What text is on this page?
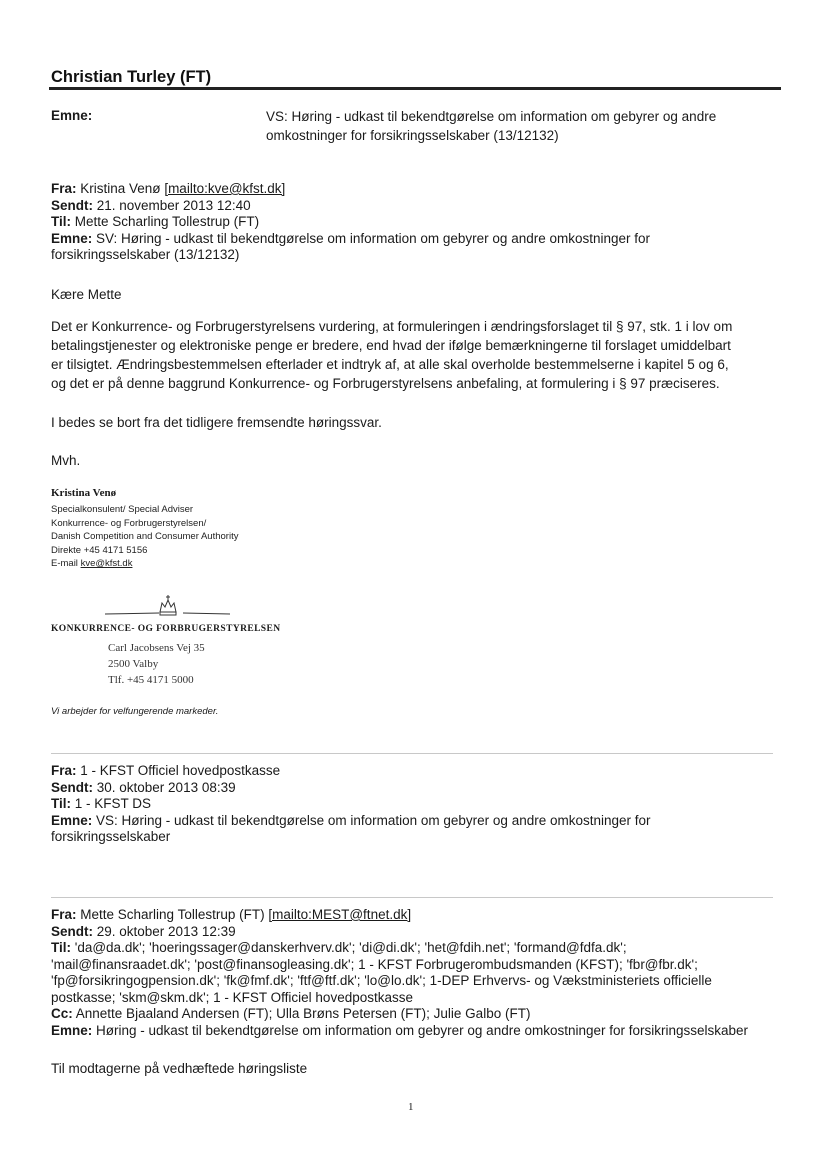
Christian Turley (FT)
Emne:	VS: Høring - udkast til bekendtgørelse om information om gebyrer og andre omkostninger for forsikringsselskaber (13/12132)
Fra: Kristina Venø [mailto:kve@kfst.dk]
Sendt: 21. november 2013 12:40
Til: Mette Scharling Tollestrup (FT)
Emne: SV: Høring - udkast til bekendtgørelse om information om gebyrer og andre omkostninger for
forsikringsselskaber (13/12132)
Kære Mette
Det er Konkurrence- og Forbrugerstyrelsens vurdering, at formuleringen i ændringsforslaget til § 97, stk. 1 i lov om
betalingstjenester og elektroniske penge er bredere, end hvad der ifølge bemærkningerne til forslaget umiddelbart
er tilsigtet. Ændringsbestemmelsen efterlader et indtryk af, at alle skal overholde bestemmelserne i kapitel 5 og 6,
og det er på denne baggrund Konkurrence- og Forbrugerstyrelsens anbefaling, at formulering i § 97 præciseres.
I bedes se bort fra det tidligere fremsendte høringssvar.
Mvh.
Kristina Venø
Specialkonsulent/ Special Adviser
Konkurrence- og Forbrugerstyrelsen/
Danish Competition and Consumer Authority
Direkte +45 4171 5156
E-mail kve@kfst.dk
KONKURRENCE- OG FORBRUGERSTYRELSEN
Carl Jacobsens Vej 35
2500 Valby
Tlf. +45 4171 5000
Vi arbejder for velfungerende markeder.
Fra: 1 - KFST Officiel hovedpostkasse
Sendt: 30. oktober 2013 08:39
Til: 1 - KFST DS
Emne: VS: Høring - udkast til bekendtgørelse om information om gebyrer og andre omkostninger for
forsikringsselskaber
Fra: Mette Scharling Tollestrup (FT) [mailto:MEST@ftnet.dk]
Sendt: 29. oktober 2013 12:39
Til: 'da@da.dk'; 'hoeringssager@danskerhverv.dk'; 'di@di.dk'; 'het@fdih.net'; 'formand@fdfa.dk';
'mail@finansraadet.dk'; 'post@finansogleasing.dk'; 1 - KFST Forbrugerombudsmanden (KFST); 'fbr@fbr.dk';
'fp@forsikringogpension.dk'; 'fk@fmf.dk'; 'ftf@ftf.dk'; 'lo@lo.dk'; 1-DEP Erhvervs- og Vækstministeriets officielle
postkasse; 'skm@skm.dk'; 1 - KFST Officiel hovedpostkasse
Cc: Annette Bjaaland Andersen (FT); Ulla Brøns Petersen (FT); Julie Galbo (FT)
Emne: Høring - udkast til bekendtgørelse om information om gebyrer og andre omkostninger for forsikringsselskaber
Til modtagerne på vedhæftede høringsliste
1
